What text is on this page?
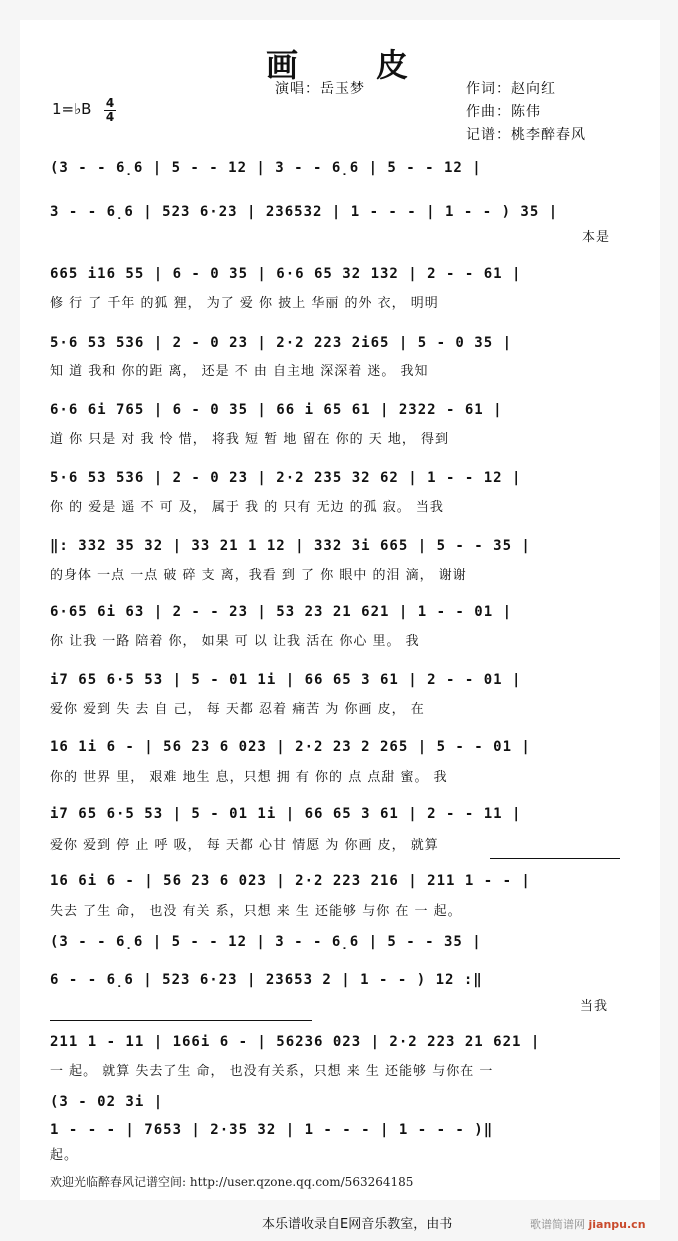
画 皮
演唱：岳玉梦	作词：赵向红
作曲：陈伟
记谱：桃李醉春风
1=♭B 4
4
(3 - - 6̣6 | 5 - - 12 | 3 - - 6̣6 | 5 - - 12 |
3 - - 6̣6 | 523 6·23 | 236532 | 1 - - - | 1 - - ) 35 |
本是
665 i16 55 | 6 - 0 35 | 6·6 65 32 132 | 2 - - 61 |
修 行 了 千年 的狐 狸， 为了 爱 你 披上 华丽 的外 衣， 明明
5·6 53 536 | 2 - 0 23 | 2·2 223 2i65 | 5 - 0 35 |
知 道 我和 你的距 离， 还是 不 由 自主地 深深着 迷。 我知
6·6 6i 765 | 6 - 0 35 | 66 i 65 61 | 2322 - 61 |
道 你 只是 对 我 怜 惜， 将我 短 暂 地 留在 你的 天 地， 得到
5·6 53 536 | 2 - 0 23 | 2·2 235 32 62 | 1 - - 12 |
你 的 爱是 遥 不 可 及， 属于 我 的 只有 无边 的孤 寂。 当我
‖: 332 35 32 | 33 21 1 12 | 332 3i 665 | 5 - - 35 |
的身体 一点 一点 破 碎 支 离，我看 到 了 你 眼中 的泪 滴， 谢谢
6·65 6i 63 | 2 - - 23 | 53 23 21 621 | 1 - - 01 |
你 让我 一路 陪着 你， 如果 可 以 让我 活在 你心 里。 我
i7 65 6·5 53 | 5 - 01 1i | 66 65 3 61 | 2 - - 01 |
爱你 爱到 失 去 自 己， 每 天都 忍着 痛苦 为 你画 皮， 在
16 1i 6 - | 56 23 6 023 | 2·2 23 2 265 | 5 - - 01 |
你的 世界 里， 艰难 地生 息，只想 拥 有 你的 点 点甜 蜜。 我
i7 65 6·5 53 | 5 - 01 1i | 66 65 3 61 | 2 - - 11 |
爱你 爱到 停 止 呼 吸， 每 天都 心甘 情愿 为 你画 皮， 就算
16 6i 6 - | 56 23 6 023 | 2·2 223 216 | 211 1 - - |
失去 了生 命， 也没 有关 系，只想 来 生 还能够 与你 在 一 起。
(3 - - 6̣6 | 5 - - 12 | 3 - - 6̣6 | 5 - - 35 |
6 - - 6̣6 | 523 6·23 | 23653 2 | 1 - - ) 12 :‖
当我
211 1 - 11 | 166i 6 - | 56236 023 | 2·2 223 21 621 |
一 起。 就算 失去了生 命， 也没有关系，只想 来 生 还能够 与你在 一
(3 - 02 3i |
1 - - - | 7653 | 2·35 32 | 1 - - - | 1 - - - )‖
起。
欢迎光临醉春风记谱空间: http://user.qzone.qq.com/563264185
本乐谱收录自E网音乐教室，由书	歌谱简谱网 jianpu.cn
